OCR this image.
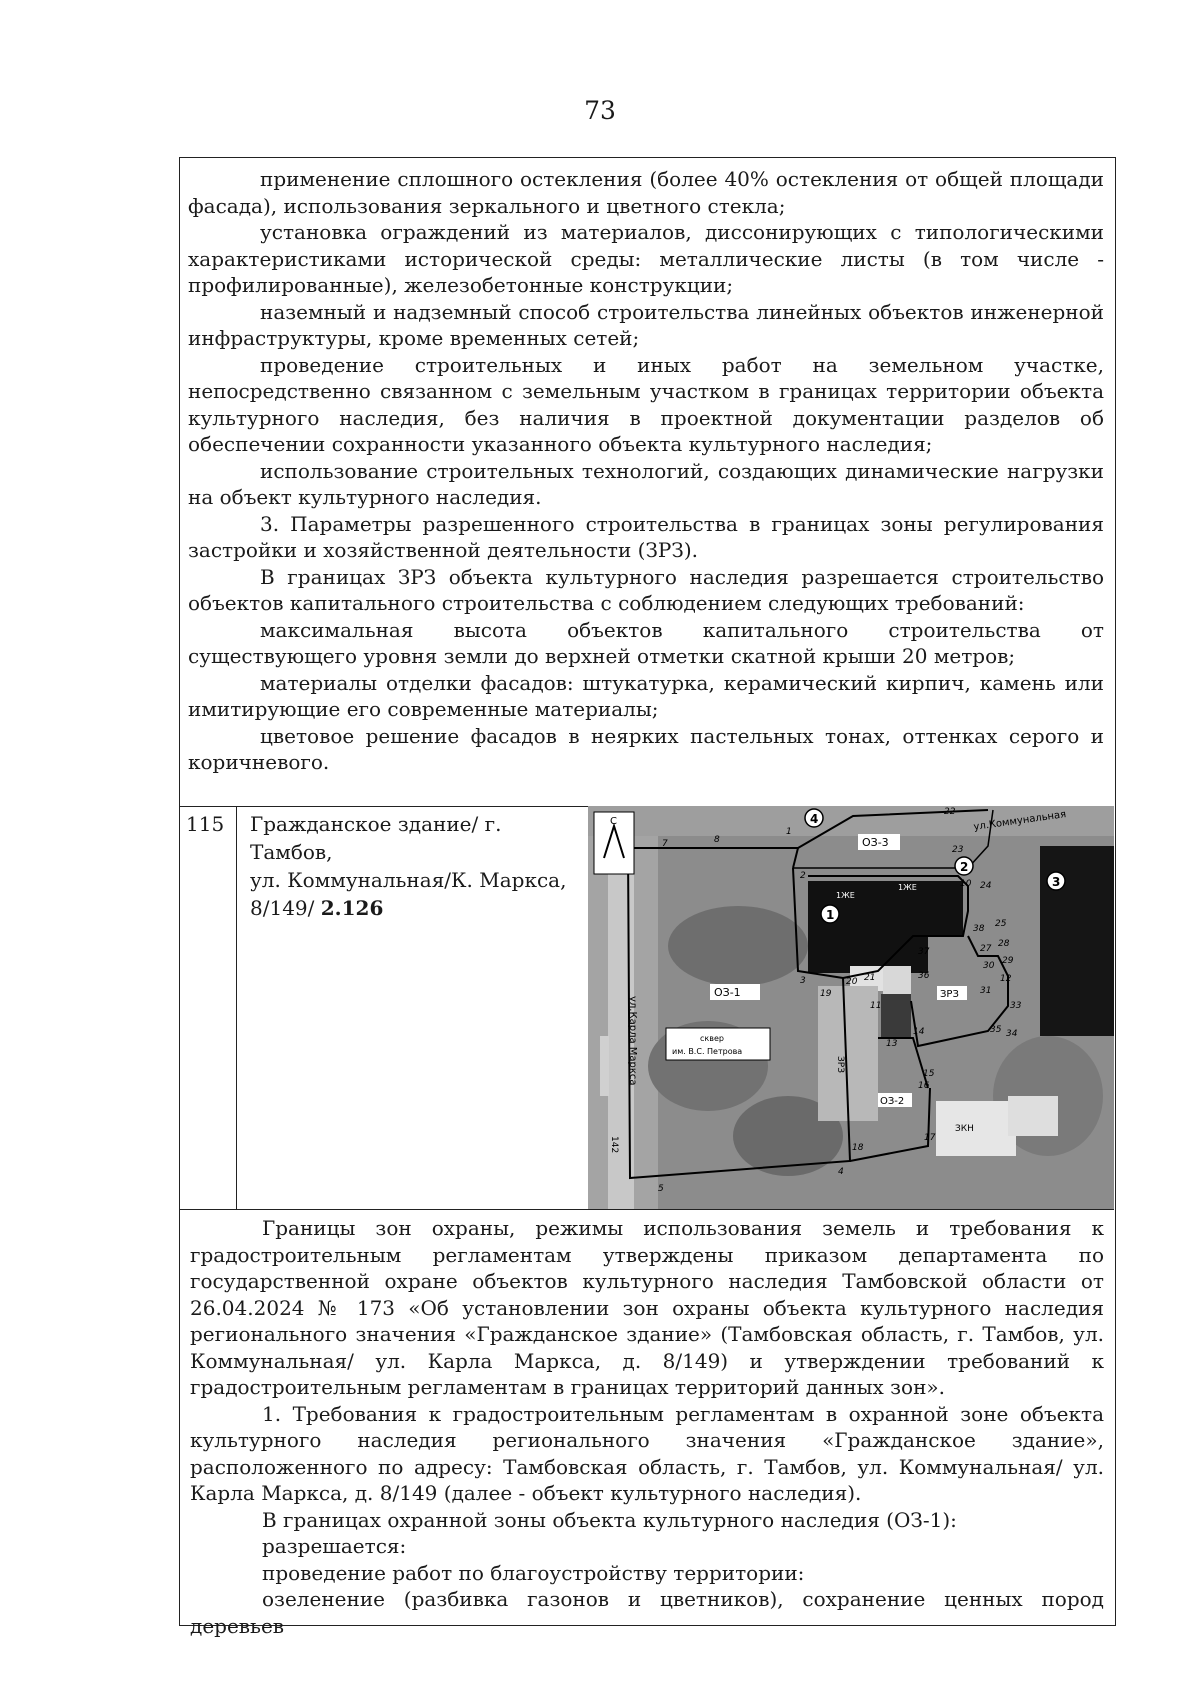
73

применение сплошного остекления (более 40% остекления от общей площади фасада), использования зеркального и цветного стекла;

установка ограждений из материалов, диссонирующих с типологическими характеристиками исторической среды: металлические листы (в том числе - профилированные), железобетонные конструкции;

наземный и надземный способ строительства линейных объектов инженерной инфраструктуры, кроме временных сетей;

проведение строительных и иных работ на земельном участке, непосредственно связанном с земельным участком в границах территории объекта культурного наследия, без наличия в проектной документации разделов об обеспечении сохранности указанного объекта культурного наследия;

использование строительных технологий, создающих динамические нагрузки на объект культурного наследия.

3. Параметры разрешенного строительства в границах зоны регулирования застройки и хозяйственной деятельности (ЗРЗ).

В границах ЗРЗ объекта культурного наследия разрешается строительство объектов капитального строительства с соблюдением следующих требований:

максимальная высота объектов капитального строительства от существующего уровня земли до верхней отметки скатной крыши 20 метров;

материалы отделки фасадов: штукатурка, керамический кирпич, камень или имитирующие его современные материалы;

цветовое решение фасадов в неярких пастельных тонах, оттенках серого и коричневого.

115	Гражданское здание/ г. Тамбов,
ул. Коммунальная/К. Маркса,
8/149/ 2.126
С	ул.Коммунальная
ул.Карла Маркса
ОЗ-1
ОЗ-3
ОЗ-2
ЗРЗ
ЗКН
ЗРЗ
сквер
им. В.С. Петрова
1ЖЕ
1ЖЕ
142
1
2
3
4
1
2
3
4
5
7	8
10
11
12
13
14
15
16
17
18
19
20 21
22
23
24
25
27 28
29
30
31
33
34
35
36
37
38

Границы зон охраны, режимы использования земель и требования к градостроительным регламентам утверждены приказом департамента по государственной охране объектов культурного наследия Тамбовской области от 26.04.2024 № 173 «Об установлении зон охраны объекта культурного наследия регионального значения «Гражданское здание» (Тамбовская область, г. Тамбов, ул. Коммунальная/ ул. Карла Маркса, д. 8/149) и утверждении требований к градостроительным регламентам в границах территорий данных зон».

1. Требования к градостроительным регламентам в охранной зоне объекта культурного наследия регионального значения «Гражданское здание», расположенного по адресу: Тамбовская область, г. Тамбов, ул. Коммунальная/ ул. Карла Маркса, д. 8/149 (далее - объект культурного наследия).

В границах охранной зоны объекта культурного наследия (ОЗ-1):

разрешается:

проведение работ по благоустройству территории:

озеленение (разбивка газонов и цветников), сохранение ценных пород деревьев
